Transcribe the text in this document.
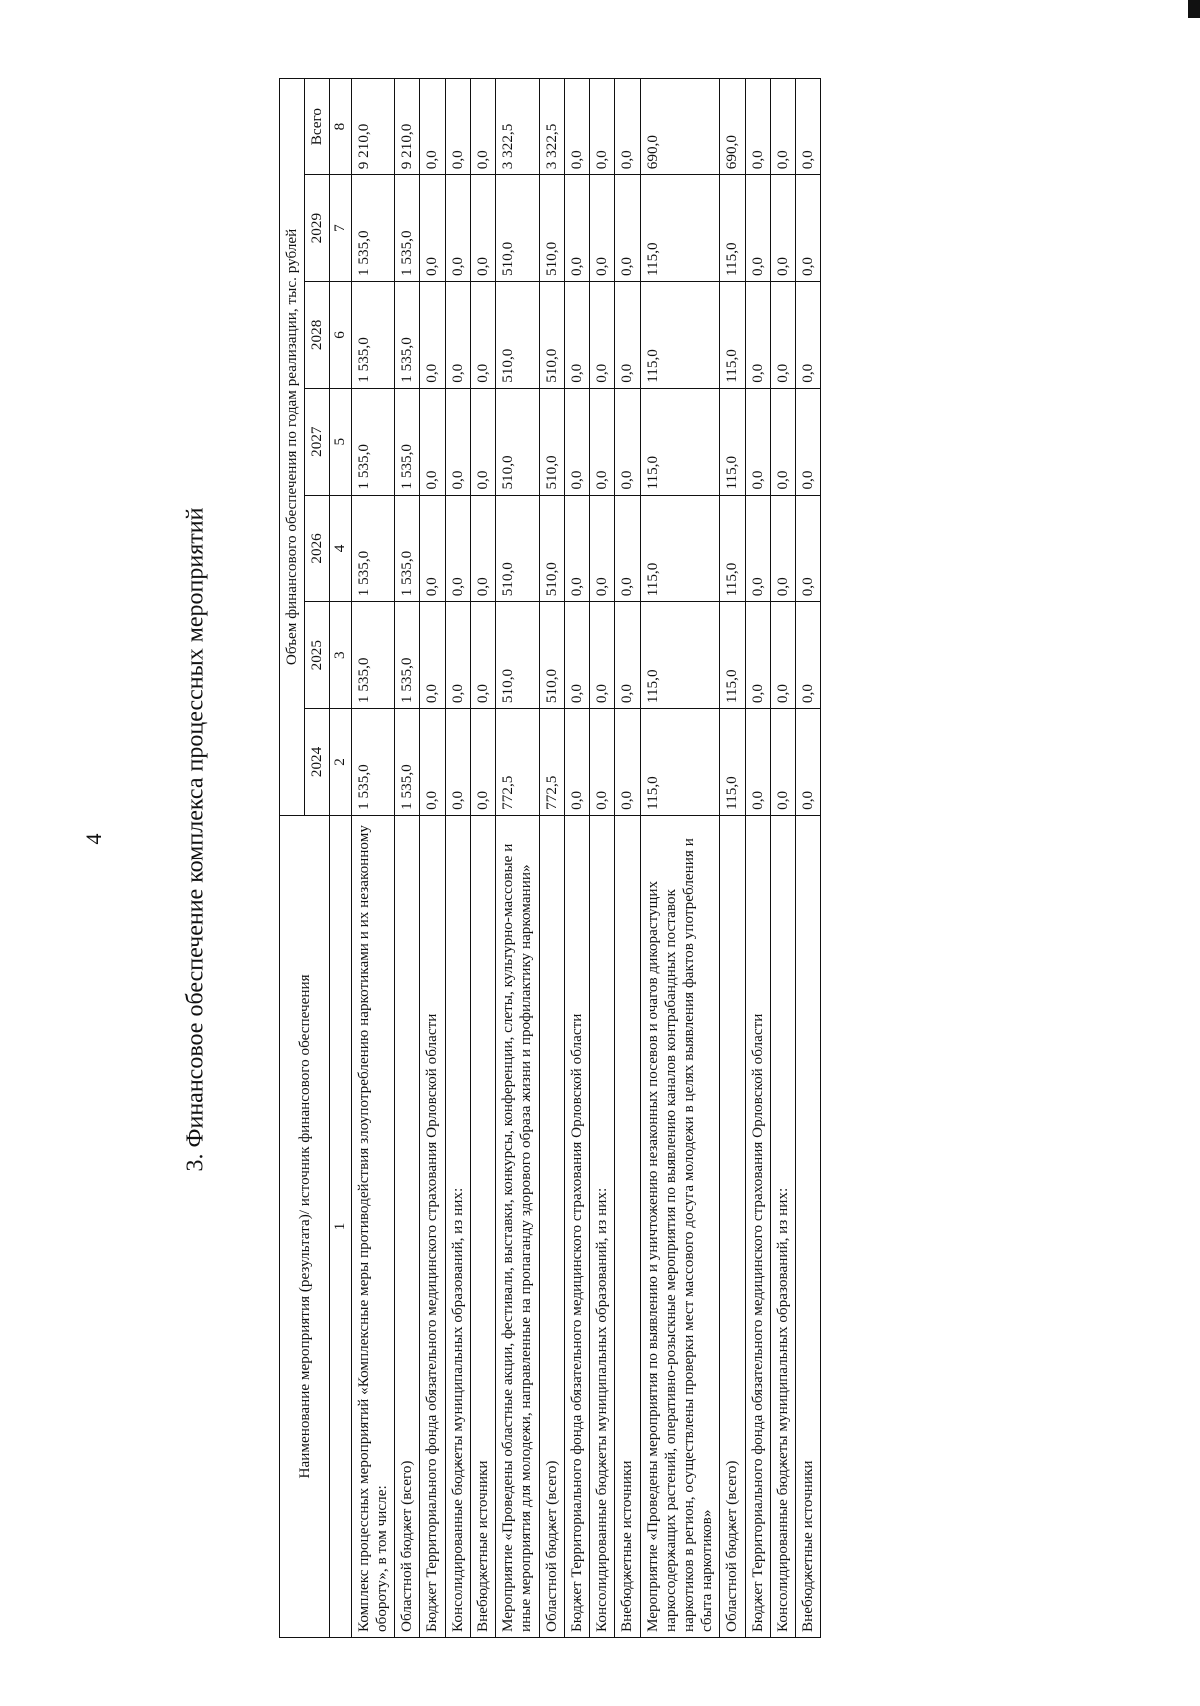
4	3. Финансовое обеспечение комплекса процессных мероприятий
Наименование мероприятия (результата)/ источник финансового обеспечения	Объем финансового обеспечения по годам реализации, тыс. рублей						
	2024	2025	2026	2027	2028	2029	Всего
1	2	3	4	5	6	7	8
Комплекс процессных мероприятий «Комплексные меры противодействия злоупотреблению наркотиками и их незаконному обороту», в том числе:	1 535,0	1 535,0	1 535,0	1 535,0	1 535,0	1 535,0	9 210,0
Областной бюджет (всего)	1 535,0	1 535,0	1 535,0	1 535,0	1 535,0	1 535,0	9 210,0
Бюджет Территориального фонда обязательного медицинского страхования Орловской области	0,0	0,0	0,0	0,0	0,0	0,0	0,0
Консолидированные бюджеты муниципальных образований, из них:	0,0	0,0	0,0	0,0	0,0	0,0	0,0
Внебюджетные источники	0,0	0,0	0,0	0,0	0,0	0,0	0,0
Мероприятие «Проведены областные акции, фестивали, выставки, конкурсы, конференции, слеты, культурно-массовые и иные мероприятия для молодежи, направленные на пропаганду здорового образа жизни и профилактику наркомании»	772,5	510,0	510,0	510,0	510,0	510,0	3 322,5
Областной бюджет (всего)	772,5	510,0	510,0	510,0	510,0	510,0	3 322,5
Бюджет Территориального фонда обязательного медицинского страхования Орловской области	0,0	0,0	0,0	0,0	0,0	0,0	0,0
Консолидированные бюджеты муниципальных образований, из них:	0,0	0,0	0,0	0,0	0,0	0,0	0,0
Внебюджетные источники	0,0	0,0	0,0	0,0	0,0	0,0	0,0
Мероприятие «Проведены мероприятия по выявлению и уничтожению незаконных посевов и очагов дикорастущих наркосодержащих растений, оперативно-розыскные мероприятия по выявлению каналов контрабандных поставок наркотиков в регион, осуществлены проверки мест массового досуга молодежи в целях выявления фактов употребления и сбыта наркотиков»	115,0	115,0	115,0	115,0	115,0	115,0	690,0
Областной бюджет (всего)	115,0	115,0	115,0	115,0	115,0	115,0	690,0
Бюджет Территориального фонда обязательного медицинского страхования Орловской области	0,0	0,0	0,0	0,0	0,0	0,0	0,0
Консолидированные бюджеты муниципальных образований, из них:	0,0	0,0	0,0	0,0	0,0	0,0	0,0
Внебюджетные источники	0,0	0,0	0,0	0,0	0,0	0,0	0,0
